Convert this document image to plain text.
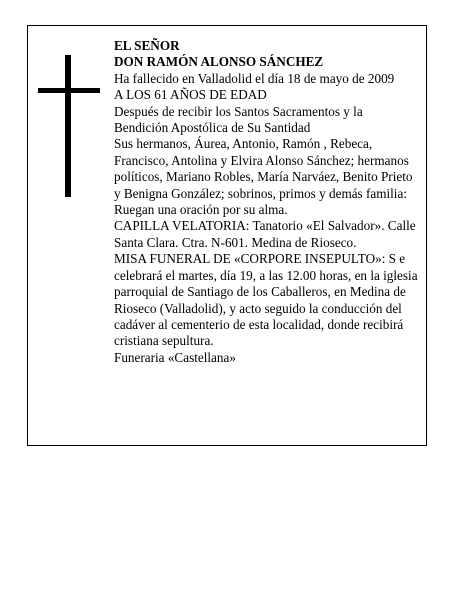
EL SEÑOR

DON RAMÓN ALONSO SÁNCHEZ

Ha fallecido en Valladolid el día 18 de mayo de 2009

A LOS 61 AÑOS DE EDAD

Después de recibir los Santos Sacramentos y la Bendición Apostólica de Su Santidad

Sus hermanos, Áurea, Antonio, Ramón , Rebeca, Francisco, Antolina y Elvira Alonso Sánchez; hermanos políticos, Mariano Robles, María Narváez, Benito Prieto y Benigna González; sobrinos, primos y demás familia:

Ruegan una oración por su alma.

CAPILLA VELATORIA: Tanatorio «El Salvador». Calle Santa Clara. Ctra. N-601. Medina de Rioseco.

MISA FUNERAL DE «CORPORE INSEPULTO»: S e celebrará el martes, día 19, a las 12.00 horas, en la iglesia parroquial de Santiago de los Caballeros, en Medina de Rioseco (Valladolid), y acto seguido la conducción del cadáver al cementerio de esta localidad, donde recibirá cristiana sepultura.

Funeraria «Castellana»
